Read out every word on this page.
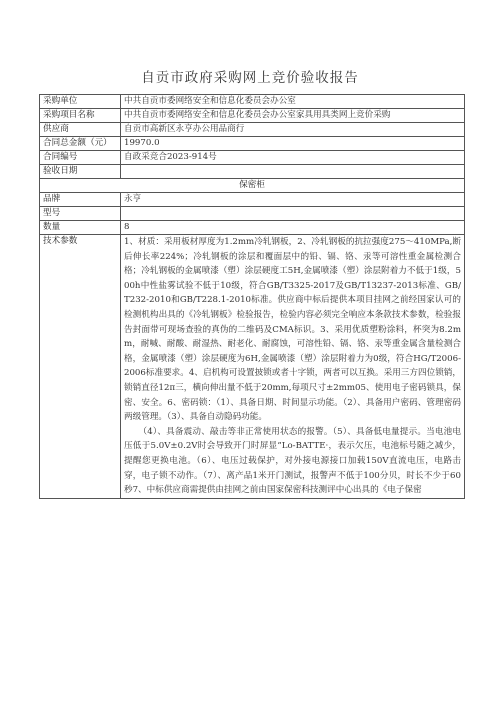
自贡市政府采购网上竞价验收报告
采购单位	中共自贡市委网络安全和信息化委员会办公室
采购项目名称	中共自贡市委网络安全和信息化委员会办公室家具用具类网上竞价采购
供应商	自贡市高新区永亨办公用品商行
合同总金额（元）	19970.0
合同编号	自政采竞合2023-914号
验收日期	
保密柜	
品牌	永亨
型号	
数量	8
技术参数	1、材质：采用板材厚度为1.2mm冷轧钢板，2、冷轧钢板的抗拉强度275～410MPa,断后伸长率224%；冷轧钢板的涂层和覆面层中的铅、镉、铬、汞等可溶性重金属检测合格；冷轧钢板的金属喷漆（塑）涂层硬度工5H,金属喷漆（塑）涂层附着力不低于1级，500h中性盐雾试验不低于10级，符合GB/T3325-2017及GB/T13237-2013标准、GB/T232-2010和GB/T228.1-2010标准。供应商中标后提供本项目挂网之前经国家认可的检测机构出具的《冷轧钢板》检验报告，检验内容必须完全响应本条款技术参数，检验报告封面带可现场查验的真伪的二维码及CMA标识。3、采用优质塑粉涂料，杯突为8.2mm，耐喊、耐酸、耐湿热、耐老化、耐腐蚀，可溶性铅、镉、铬、汞等重金属含量检测合格，金属喷漆（塑）涂层硬度为6H,金属喷漆（塑）涂层附着力为0级，符合HG/T2006-2006标准要求。4、启机构可设置披锁或者十字锁，两者可以互换。采用三方四位锁销，锁销直径12π三，横向伸出量不低于20mm,每项尺寸±2mm05、使用电子密码锁具，保密、安全。6、密码锁：（1）、具备日期、时间显示功能。（2）、具备用户密码、管理密码两级管理。（3）、具备自动隐码功能。
（4）、具备震动、敲击等非正常使用状态的报警。（5）、具备低电量提示。当电池电压低于5.0V±0.2V时会导致开门时屏显”Lo-BATTE·，表示欠压，电池标号随之减少，提醒您更换电池。（6）、电压过载保护，对外接电源接口加载150V直流电压，电路击穿，电子锁不动作。（7）、离产品1米开门测试，报警声不低于100分贝，时长不少于60秒7、中标供应商需提供由挂网之前由国家保密科技测评中心出具的《电子保密
